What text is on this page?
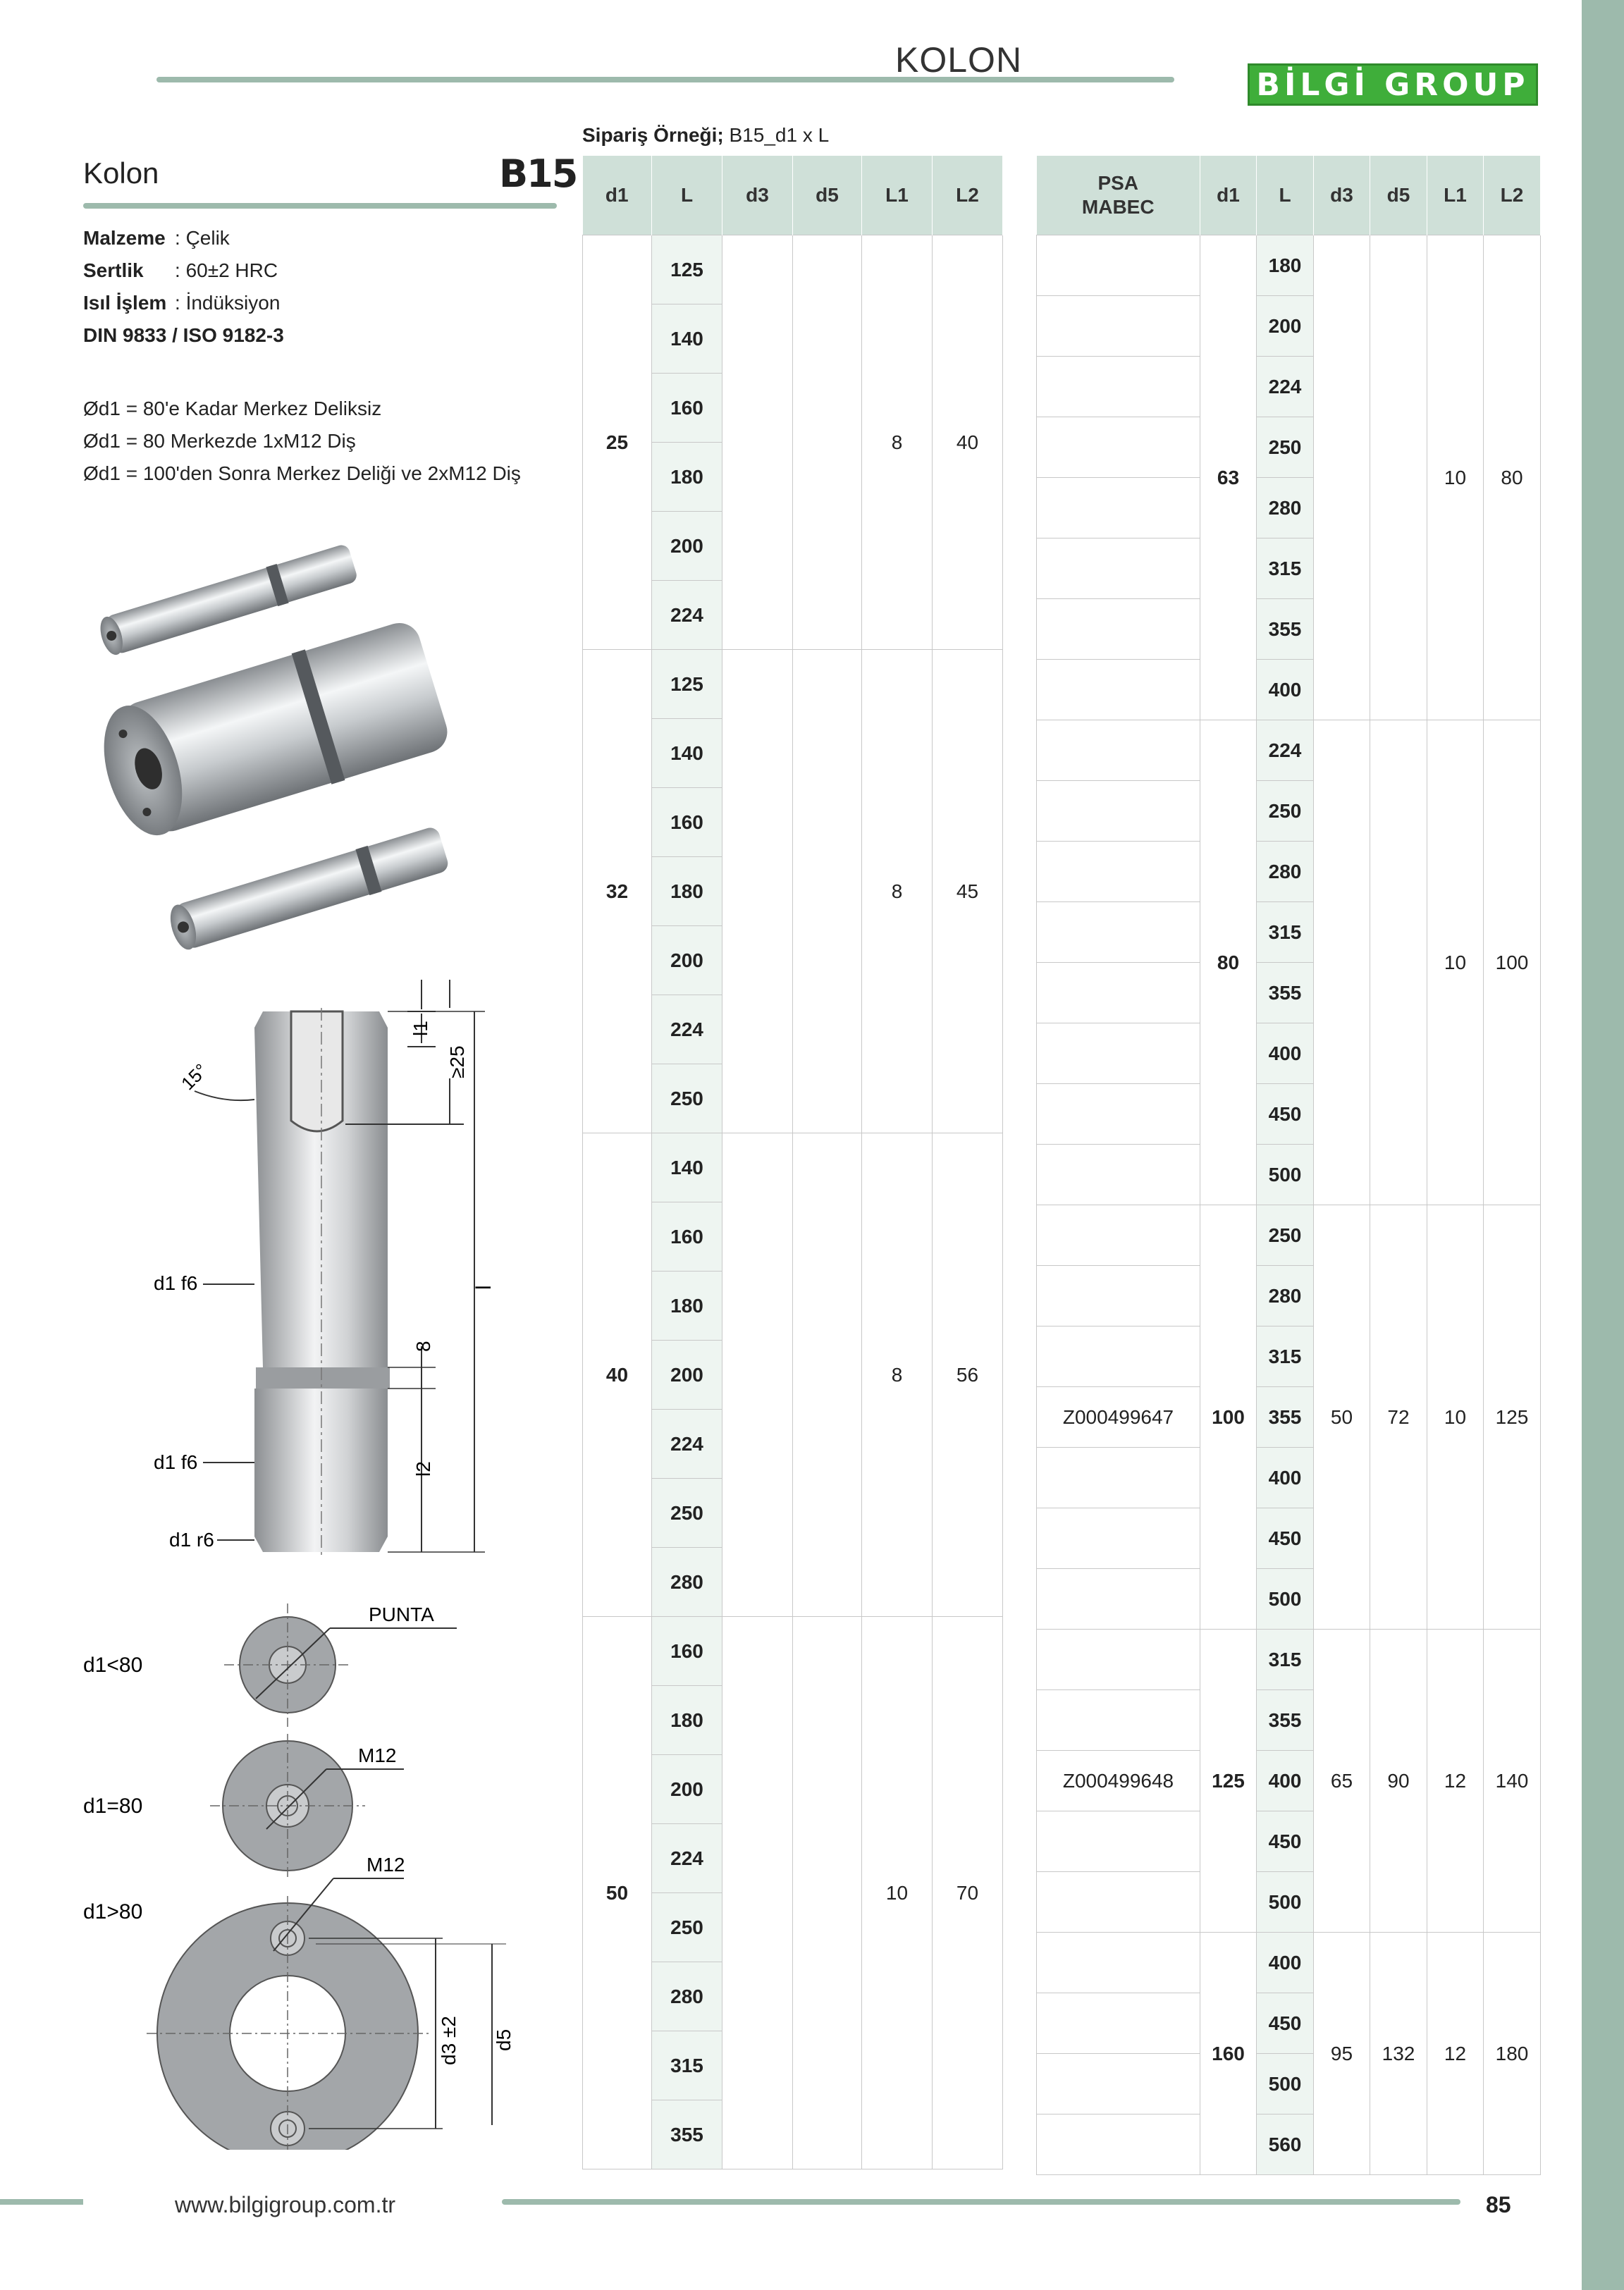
KOLON
BİLGİ GROUP
Kolon	B15
Malzeme : Çelik
Sertlik : 60±2 HRC
Isıl İşlem : İndüksiyon
DIN 9833 / ISO 9182-3
Ød1 = 80'e Kadar Merkez Deliksiz
Ød1 = 80 Merkezde 1xM12 Diş
Ød1 = 100'den Sonra Merkez Deliği ve 2xM12 Diş
15°
l1
≥25
l
8
l2
d1 f6
d1 f6
d1 r6
d1<80
PUNTA
d1=80
M12
d1>80
M12
d3 ±2 d5
Sipariş Örneği; B15_d1 x L
d1	L	d3	d5	L1	L2
25	125			8	40
	140				
	160				
	180				
	200				
	224				
32	125			8	45
	140				
	160				
	180				
	200				
	224				
	250				
40	140			8	56
	160				
	180				
	200				
	224				
	250				
	280				
50	160			10	70
	180				
	200				
	224				
	250				
	280				
	315				
	355				
PSA MABEC	d1	L	d3	d5	L1	L2
	63	180			10	80
		200				
		224				
		250				
		280				
		315				
		355				
		400				
	80	224			10	100
		250				
		280				
		315				
		355				
		400				
		450				
		500				
	100	250	50	72	10	125
		280				
		315				
Z000499647		355				
		400				
		450				
		500				
	125	315	65	90	12	140
		355				
Z000499648		400				
		450				
		500				
	160	400	95	132	12	180
		450				
		500				
		560				
www.bilgigroup.com.tr	85
